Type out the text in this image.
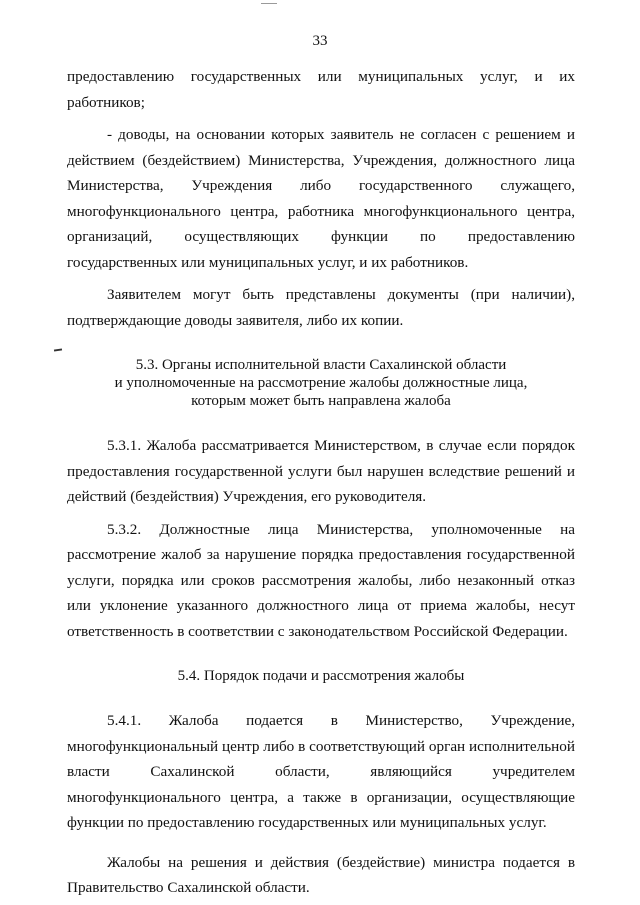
33

предоставлению государственных или муниципальных услуг, и их работников;

- доводы, на основании которых заявитель не согласен с решением и действием (бездействием) Министерства, Учреждения, должностного лица Министерства, Учреждения либо государственного служащего, многофункционального центра, работника многофункционального центра, организаций, осуществляющих функции по предоставлению государственных или муниципальных услуг, и их работников.

Заявителем могут быть представлены документы (при наличии), подтверждающие доводы заявителя, либо их копии.

5.3. Органы исполнительной власти Сахалинской области

и уполномоченные на рассмотрение жалобы должностные лица,

которым может быть направлена жалоба

5.3.1. Жалоба рассматривается Министерством, в случае если порядок предоставления государственной услуги был нарушен вследствие решений и действий (бездействия) Учреждения, его руководителя.

5.3.2. Должностные лица Министерства, уполномоченные на рассмотрение жалоб за нарушение порядка предоставления государственной услуги, порядка или сроков рассмотрения жалобы, либо незаконный отказ или уклонение указанного должностного лица от приема жалобы, несут ответственность в соответствии с законодательством Российской Федерации.

5.4. Порядок подачи и рассмотрения жалобы

5.4.1. Жалоба подается в Министерство, Учреждение, многофункциональный центр либо в соответствующий орган исполнительной власти Сахалинской области, являющийся учредителем многофункционального центра, а также в организации, осуществляющие функции по предоставлению государственных или муниципальных услуг.

Жалобы на решения и действия (бездействие) министра подается в Правительство Сахалинской области.
